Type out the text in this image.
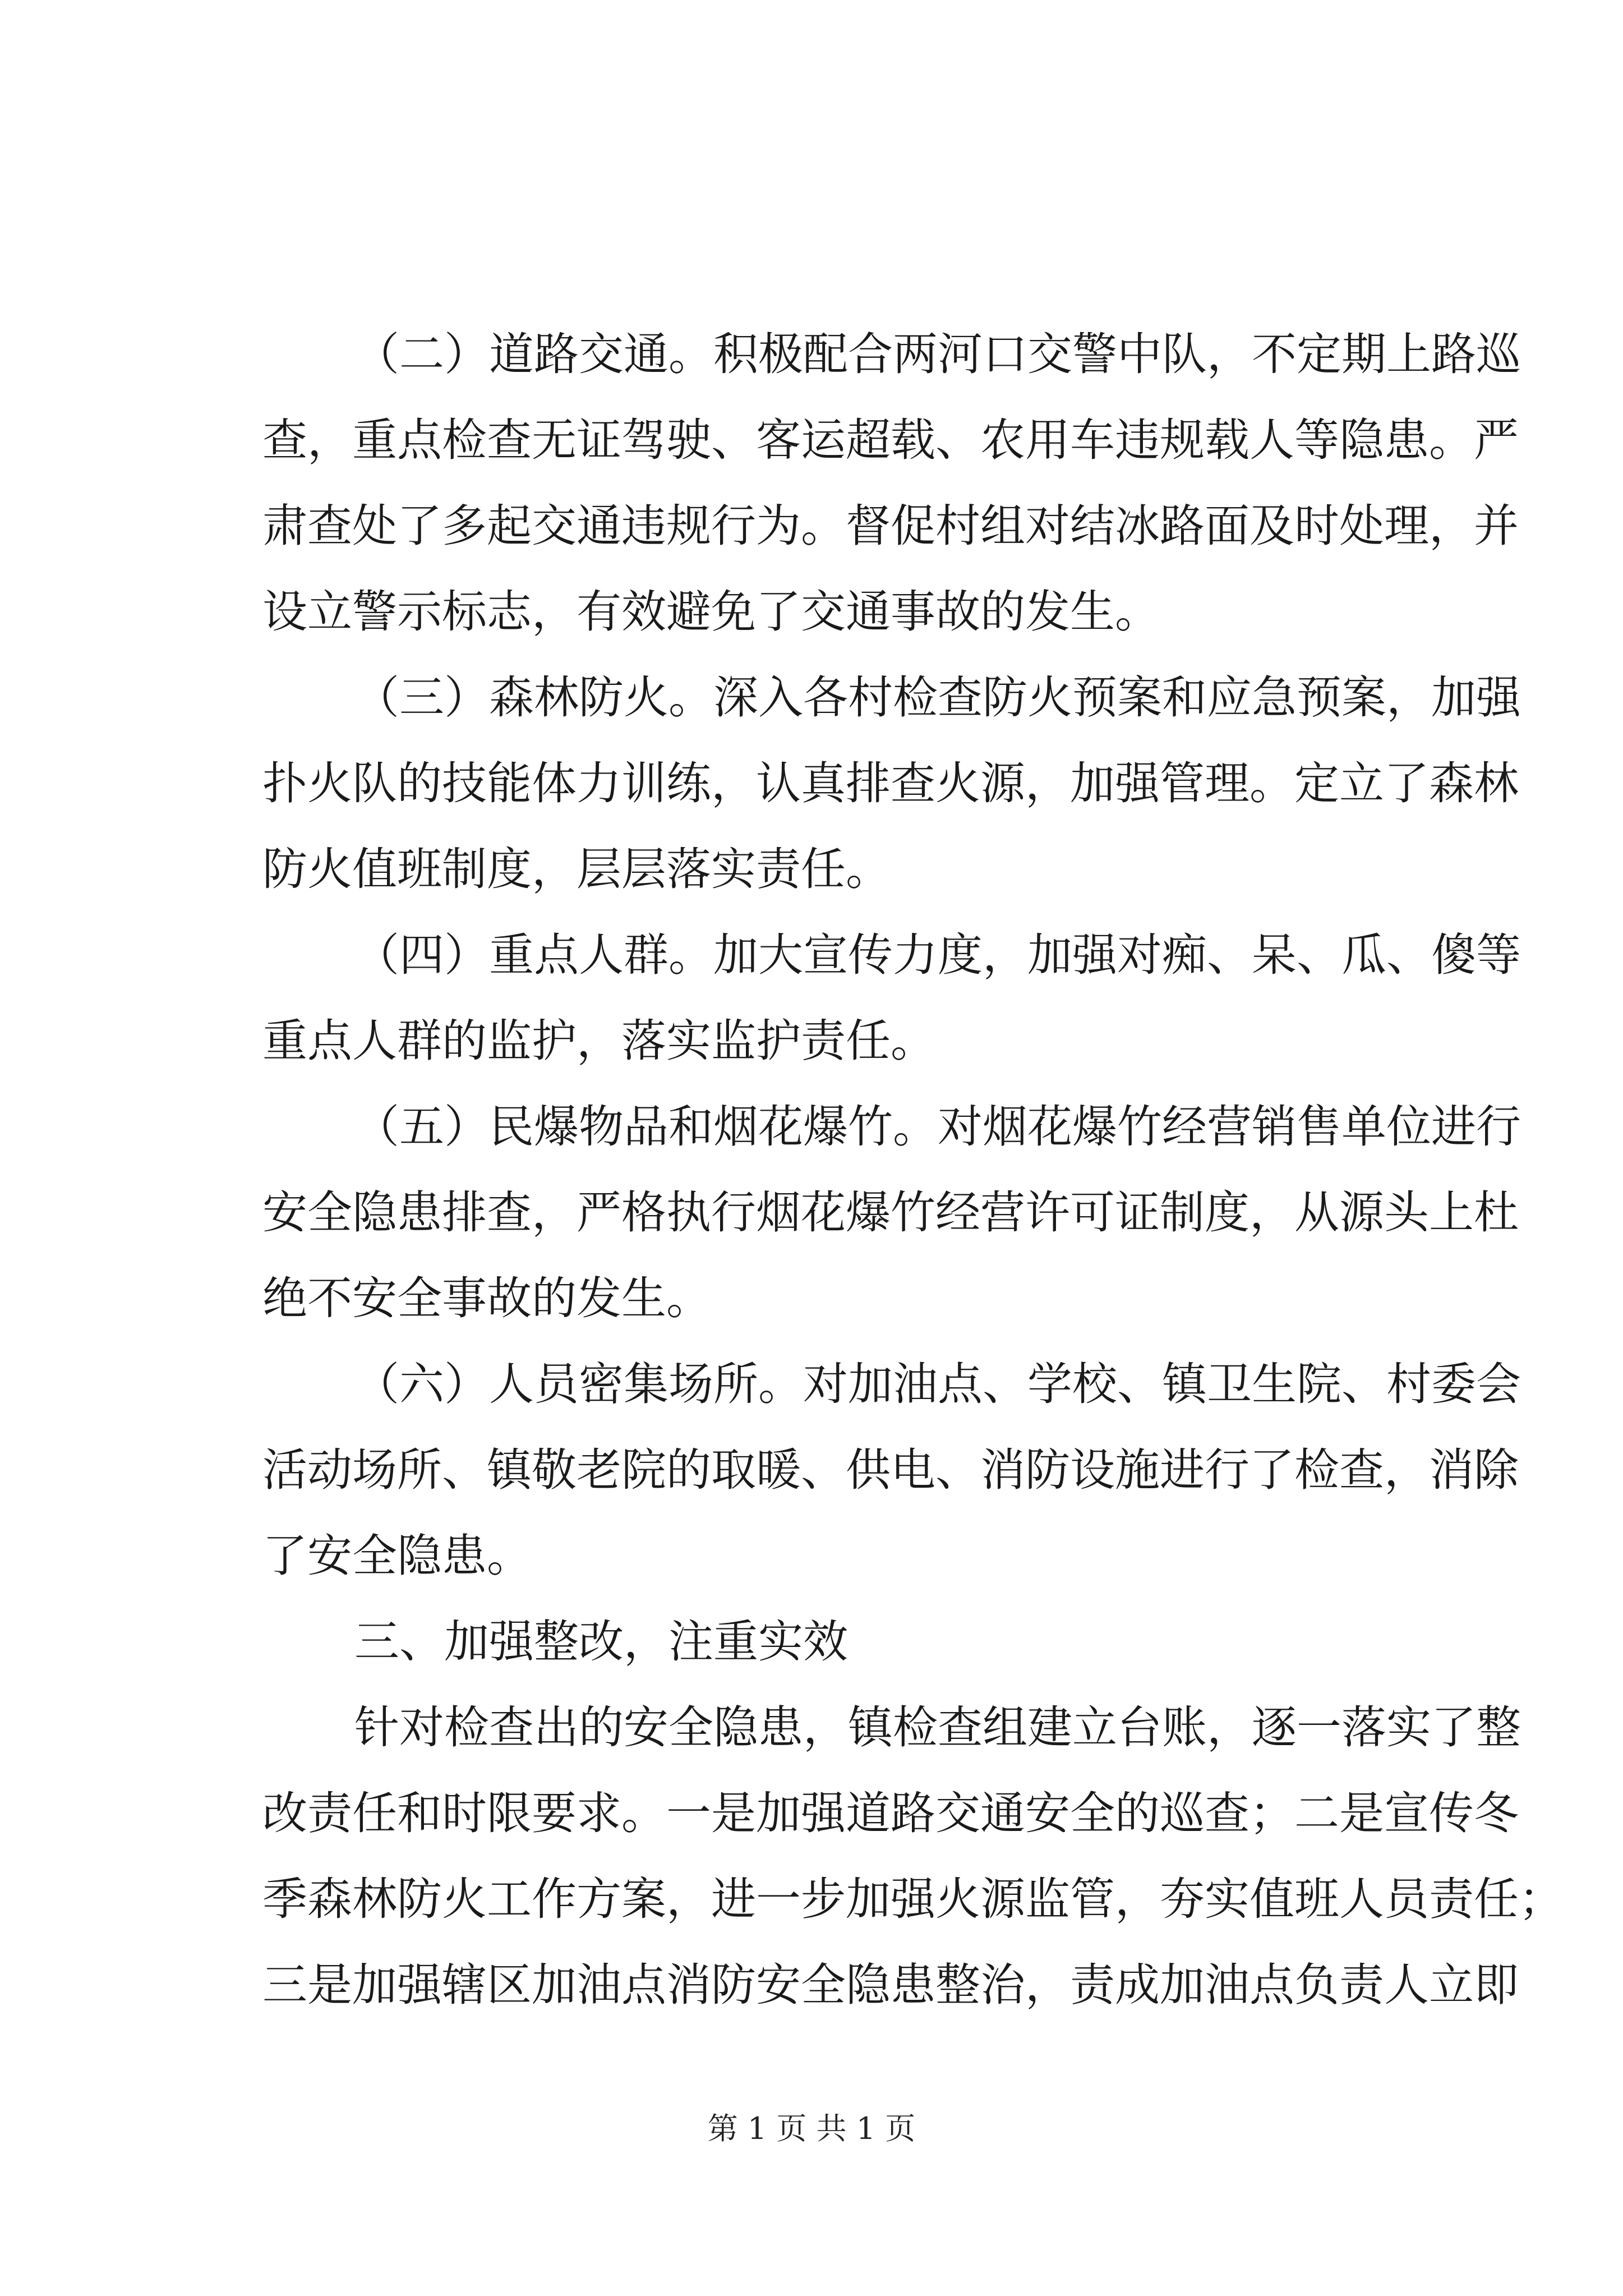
（二）道路交通。积极配合两河口交警中队，不定期上路巡
查，重点检查无证驾驶、客运超载、农用车违规载人等隐患。严
肃查处了多起交通违规行为。督促村组对结冰路面及时处理，并
设立警示标志，有效避免了交通事故的发生。
（三）森林防火。深入各村检查防火预案和应急预案，加强
扑火队的技能体力训练，认真排查火源，加强管理。定立了森林
防火值班制度，层层落实责任。
（四）重点人群。加大宣传力度，加强对痴、呆、瓜、傻等
重点人群的监护，落实监护责任。
（五）民爆物品和烟花爆竹。对烟花爆竹经营销售单位进行
安全隐患排查，严格执行烟花爆竹经营许可证制度，从源头上杜
绝不安全事故的发生。
（六）人员密集场所。对加油点、学校、镇卫生院、村委会
活动场所、镇敬老院的取暖、供电、消防设施进行了检查，消除
了安全隐患。
三、加强整改，注重实效
针对检查出的安全隐患，镇检查组建立台账，逐一落实了整
改责任和时限要求。一是加强道路交通安全的巡查；二是宣传冬
季森林防火工作方案，进一步加强火源监管，夯实值班人员责任；
三是加强辖区加油点消防安全隐患整治，责成加油点负责人立即
第 1 页 共 1 页
